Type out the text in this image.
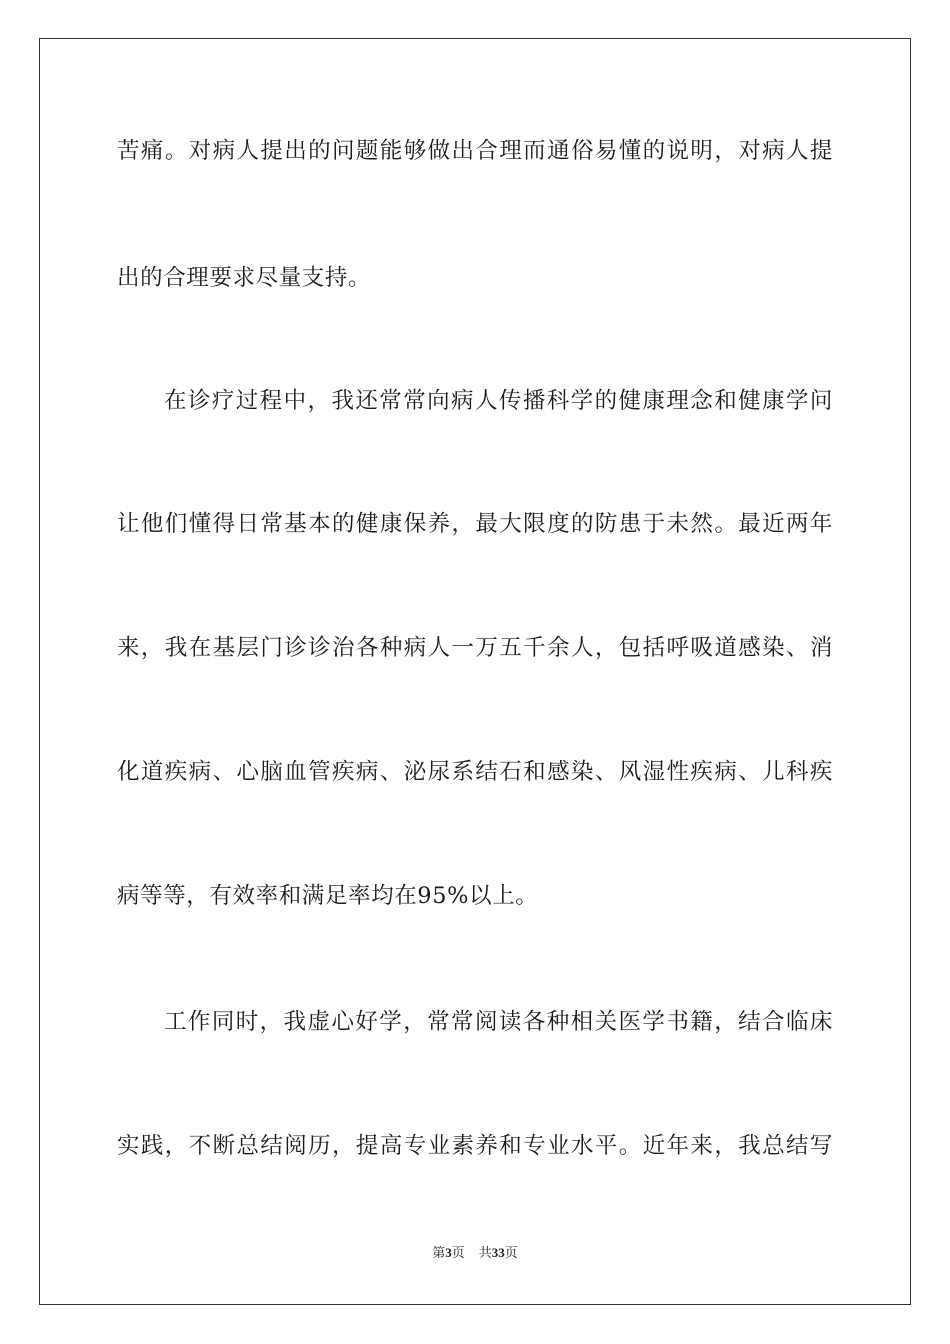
苦痛。对病人提出的问题能够做出合理而通俗易懂的说明，对病人提
出的合理要求尽量支持。
在诊疗过程中，我还常常向病人传播科学的健康理念和健康学问
让他们懂得日常基本的健康保养，最大限度的防患于未然。最近两年
来，我在基层门诊诊治各种病人一万五千余人，包括呼吸道感染、消
化道疾病、心脑血管疾病、泌尿系结石和感染、风湿性疾病、儿科疾
病等等，有效率和满足率均在95%以上。
工作同时，我虚心好学，常常阅读各种相关医学书籍，结合临床
实践，不断总结阅历，提高专业素养和专业水平。近年来，我总结写
第3页 共33页
